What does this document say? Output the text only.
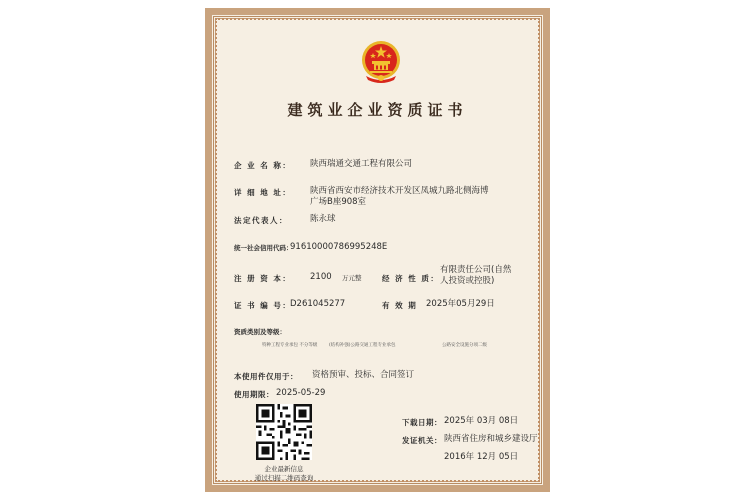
建筑业企业资质证书
企 业 名 称： 陕西瑞通交通工程有限公司
详 细 地 址： 陕西省西安市经济技术开发区凤城九路北侧海博
广场B座908室
法定代表人：	陈永球
统一社会信用代码：
91610000786995248E
注 册 资 本： 2100 万元整	经 济 性 质：
有限责任公司(自然
人投资或控股)
证 书 编 号：
D261045277	有 效 期 2025年05月29日
资质类别及等级：
特种工程专业承包 不分等级	(结构补强)公路交通工程专业承包	公路安全设施分项二级
本使用件仅用于： 资格预审、投标、合同签订
使用期限： 2025-05-29
企业最新信息
通过扫描二维码查询
下载日期： 2025年 03月 08日
发证机关： 陕西省住房和城乡建设厅
2016年 12月 05日
